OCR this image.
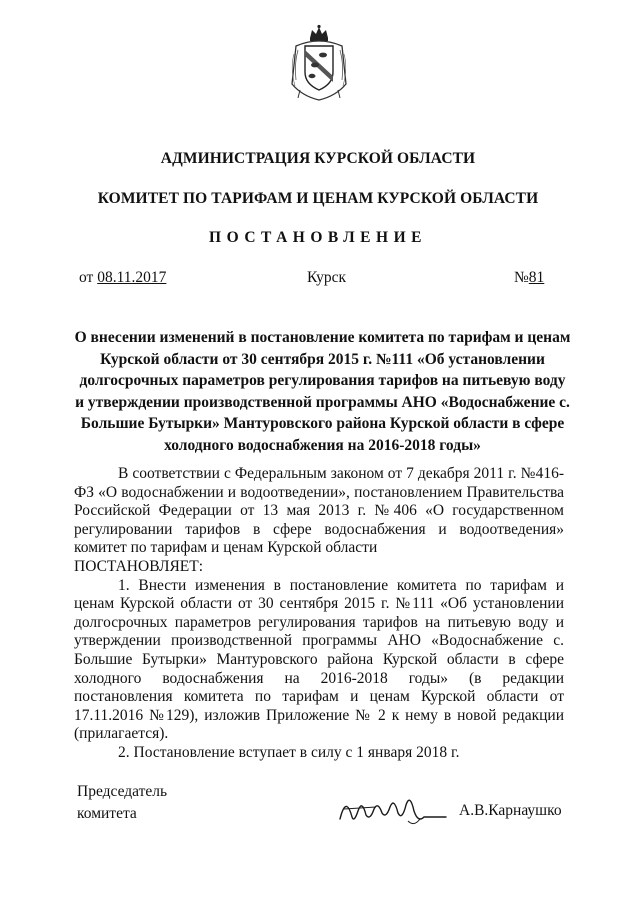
АДМИНИСТРАЦИЯ КУРСКОЙ ОБЛАСТИ
КОМИТЕТ ПО ТАРИФАМ И ЦЕНАМ КУРСКОЙ ОБЛАСТИ
ПОСТАНОВЛЕНИЕ
от 08.11.2017	Курск	№81
О внесении изменений в постановление комитета по тарифам и ценам Курской области от 30 сентября 2015 г. №111 «Об установлении долгосрочных параметров регулирования тарифов на питьевую воду и утверждении производственной программы АНО «Водоснабжение с. Большие Бутырки» Мантуровского района Курской области в сфере холодного водоснабжения на 2016-2018 годы»

В соответствии с Федеральным законом от 7 декабря 2011 г. №416-ФЗ «О водоснабжении и водоотведении», постановлением Правительства Российской Федерации от 13 мая 2013 г. №406 «О государственном регулировании тарифов в сфере водоснабжения и водоотведения» комитет по тарифам и ценам Курской области

ПОСТАНОВЛЯЕТ:

1. Внести изменения в постановление комитета по тарифам и ценам Курской области от 30 сентября 2015 г. №111 «Об установлении долгосрочных параметров регулирования тарифов на питьевую воду и утверждении производственной программы АНО «Водоснабжение с. Большие Бутырки» Мантуровского района Курской области в сфере холодного водоснабжения на 2016-2018 годы» (в редакции постановления комитета по тарифам и ценам Курской области от 17.11.2016 №129), изложив Приложение № 2 к нему в новой редакции (прилагается).

2. Постановление вступает в силу с 1 января 2018 г.

Председатель
комитета	А.В.Карнаушко
